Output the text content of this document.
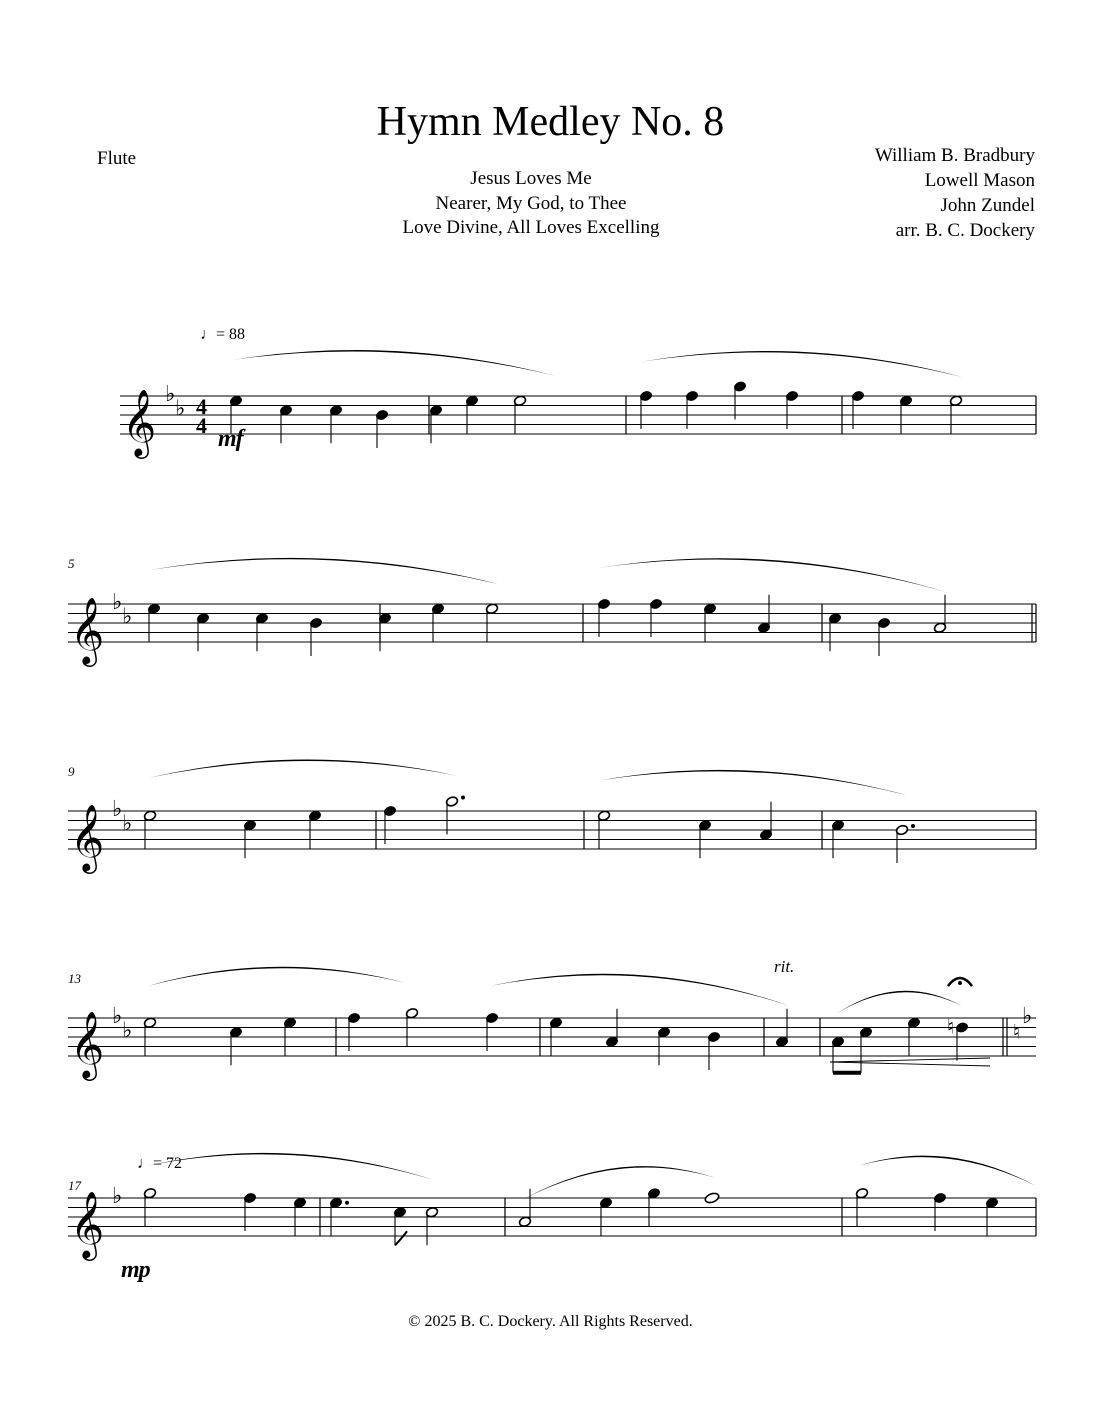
Hymn Medley No. 8
Flute
Jesus Loves Me
Nearer, My God, to Thee
Love Divine, All Loves Excelling
William B. Bradbury
Lowell Mason
John Zundel
arr. B. C. Dockery
♩= 88
♩= 72
5
9
13
17
mf
mp
rit.
𝄞 ♭
♭ 4
4
𝄞 ♭
♭
𝄞 ♭
♭
𝄞 ♭
♭	♮	♮
♭
𝄞 ♭
© 2025 B. C. Dockery. All Rights Reserved.
